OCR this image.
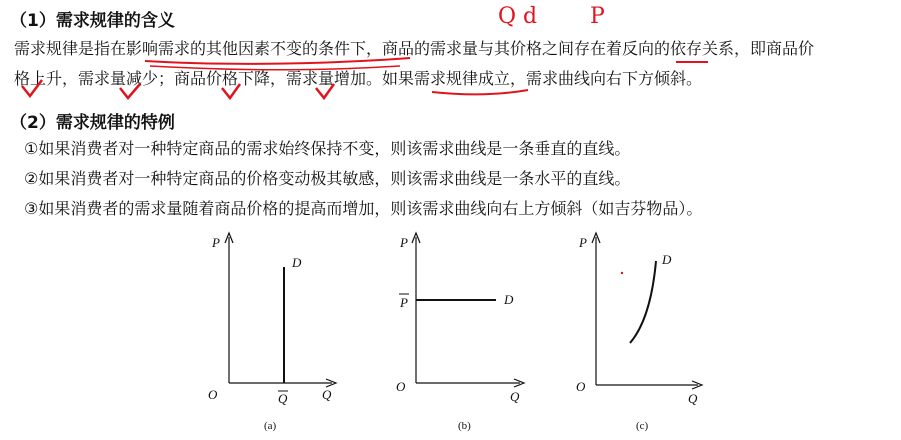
（1）需求规律的含义	Q d P
需求规律是指在影响需求的其他因素不变的条件下，商品的需求量与其价格之间存在着反向的依存关系，即商品价
格上升，需求量减少；商品价格下降，需求量增加。如果需求规律成立，需求曲线向右下方倾斜。
（2）需求规律的特例
①如果消费者对一种特定商品的需求始终保持不变，则该需求曲线是一条垂直的直线。
②如果消费者对一种特定商品的价格变动极其敏感，则该需求曲线是一条水平的直线。
③如果消费者的需求量随着商品价格的提高而增加，则该需求曲线向右上方倾斜（如吉芬物品）。
P
D
O	Q	Q
(a)
P
P	D
O
Q
(b)
P
D
O
Q
(c)
